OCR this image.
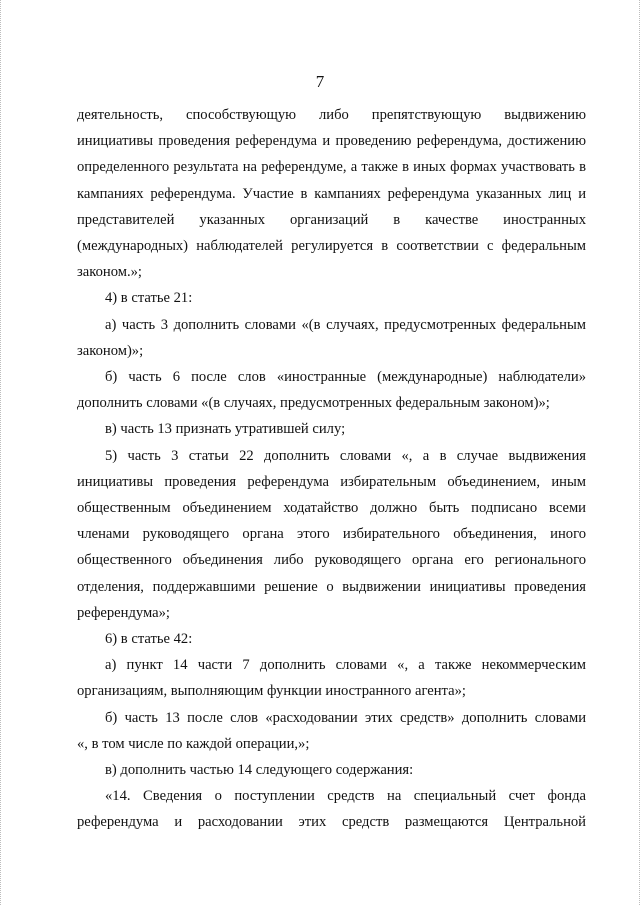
7

деятельность, способствующую либо препятствующую выдвижению

инициативы проведения референдума и проведению референдума, достижению

определенного результата на референдуме, а также в иных формах участвовать в

кампаниях референдума. Участие в кампаниях референдума указанных лиц и

представителей указанных организаций в качестве иностранных

(международных) наблюдателей регулируется в соответствии с федеральным

законом.»;

4) в статье 21:

а) часть 3 дополнить словами «(в случаях, предусмотренных федеральным

законом)»;

б) часть 6 после слов «иностранные (международные) наблюдатели»

дополнить словами «(в случаях, предусмотренных федеральным законом)»;

в) часть 13 признать утратившей силу;

5) часть 3 статьи 22 дополнить словами «, а в случае выдвижения

инициативы проведения референдума избирательным объединением, иным

общественным объединением ходатайство должно быть подписано всеми

членами руководящего органа этого избирательного объединения, иного

общественного объединения либо руководящего органа его регионального

отделения, поддержавшими решение о выдвижении инициативы проведения

референдума»;

6) в статье 42:

а) пункт 14 части 7 дополнить словами «, а также некоммерческим

организациям, выполняющим функции иностранного агента»;

б) часть 13 после слов «расходовании этих средств» дополнить словами

«, в том числе по каждой операции,»;

в) дополнить частью 14 следующего содержания:

«14. Сведения о поступлении средств на специальный счет фонда

референдума и расходовании этих средств размещаются Центральной
